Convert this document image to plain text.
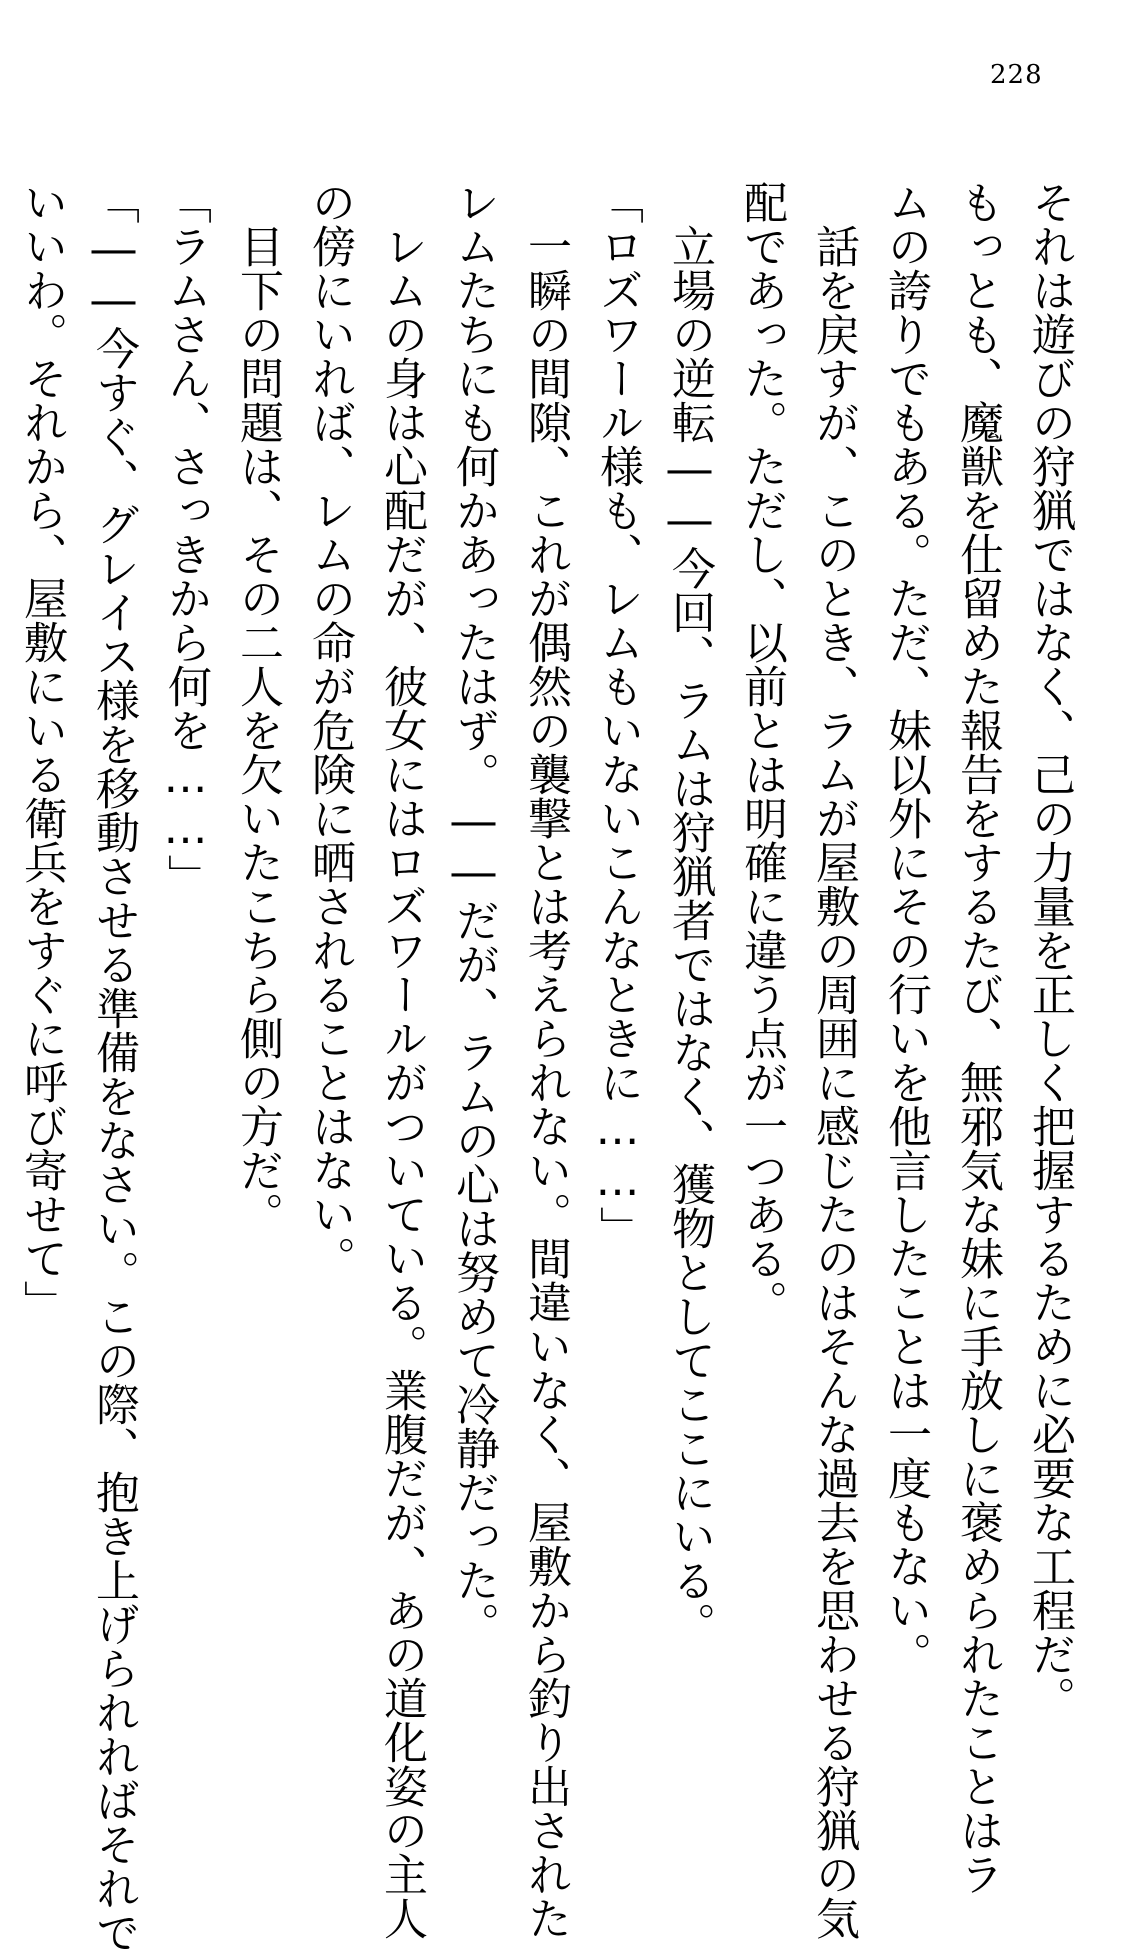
228
それは遊びの狩猟ではなく、己の力量を正しく把握するために必要な工程だ。
もっとも、魔獣を仕留めた報告をするたび、無邪気な妹に手放しに褒められたことはラ
ムの誇りでもある。ただ、妹以外にその行いを他言したことは一度もない。
　話を戻すが、このとき、ラムが屋敷の周囲に感じたのはそんな過去を思わせる狩猟の気
配であった。ただし、以前とは明確に違う点が一つある。
　立場の逆転――今回、ラムは狩猟者ではなく、獲物としてここにいる。
「ロズワール様も、レムもいないこんなときに……」
　一瞬の間隙、これが偶然の襲撃とは考えられない。間違いなく、屋敷から釣り出された
レムたちにも何かあったはず。――だが、ラムの心は努めて冷静だった。
　レムの身は心配だが、彼女にはロズワールがついている。業腹だが、あの道化姿の主人
の傍にいれば、レムの命が危険に晒されることはない。
　目下の問題は、その二人を欠いたこちら側の方だ。
「ラムさん、さっきから何を……」
「――今すぐ、グレイス様を移動させる準備をなさい。この際、抱き上げられればそれで
いいわ。それから、屋敷にいる衛兵をすぐに呼び寄せて」
